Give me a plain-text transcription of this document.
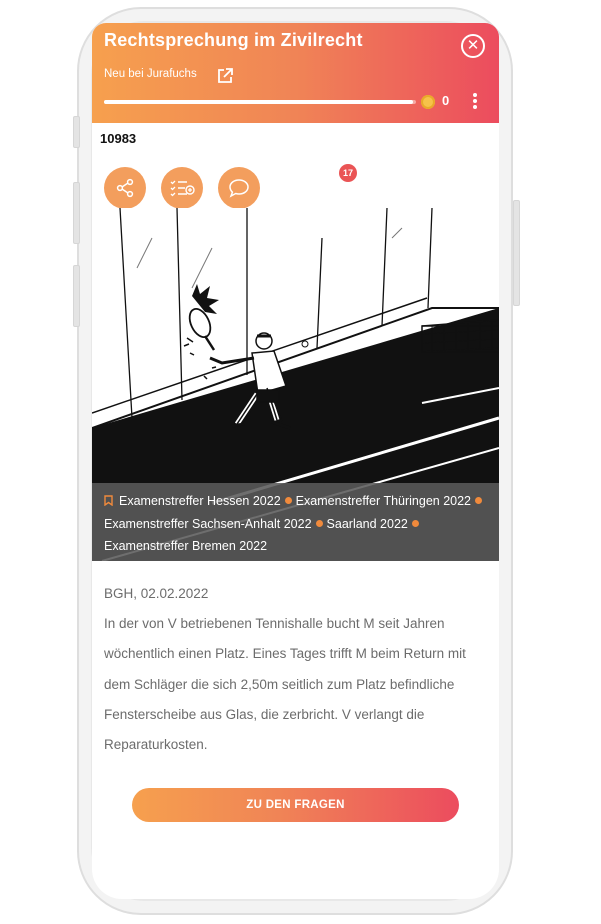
Rechtsprechung im Zivilrecht	✕
Neu bei Jurafuchs
0
10983
17
Examenstreffer Hessen 2022 Examenstreffer Thüringen 2022Examenstreffer Sachsen-Anhalt 2022 Saarland 2022Examenstreffer Bremen 2022
BGH, 02.02.2022
In der von V betriebenen Tennishalle bucht M seit Jahren wöchentlich einen Platz. Eines Tages trifft M beim Return mit dem Schläger die sich 2,50m seitlich zum Platz befindliche Fensterscheibe aus Glas, die zerbricht. V verlangt die Reparaturkosten.
ZU DEN FRAGEN
